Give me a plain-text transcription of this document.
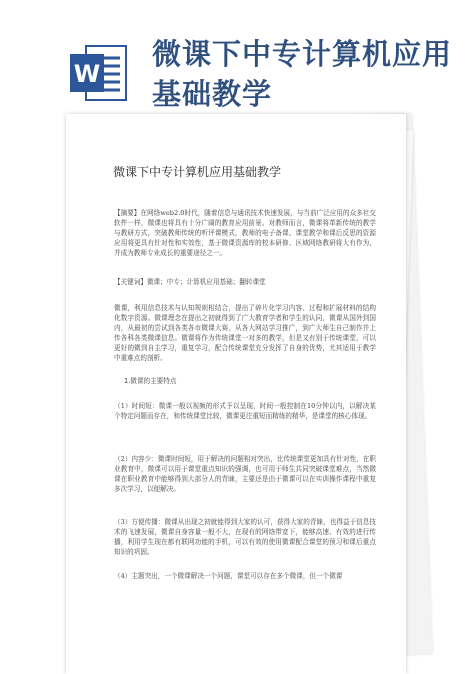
W
微课下中专计算机应用基础教学
微课下中专计算机应用基础教学
【摘要】在网络web2.0时代，随着信息与通讯技术快速发展，与当前广泛应用的众多社交软件一样，微课也将具有十分广阔的教育应用前景。对教师而言，微课将革新传统的教学与教研方式，突破教师传统的听评课模式，教师的电子备课、课堂教学和课后反思的资源应用将更具有针对性和实效性，基于微课资源库的校本研修、区域网络教研将大有作为，并成为教师专业成长的重要途径之一。
【关键词】微课；中专；计算机应用基础；翻转课堂
微课，利用信息技术与认知规则相结合，提出了碎片化学习内容、过程和扩展材料的结构化数字资源。微课理念在提出之初就得到了广大教育学者和学生的认同，微课从国外到国内，从最初的尝试到各类各市微课大赛，从各大网站学习推广，到广大师生自己制作并上传各科各类微课信息。微课将作为传统课堂一对多的教学，但是又有别于传统课堂，可以更好的微到自主学习，重复学习，配合传统课堂充分发挥了自身的优势，尤其适用于教学中重难点的剖析。
1.微课的主要特点
（1）时间短：微课一般以视频的形式予以呈现，时间一般控制在10分钟以内，以解决某个特定问题而存在，和传统课堂比较，微课更注重短而精练的精华，是课堂的核心体现。
（2）内容少：微课时间短，用于解决的问题相对突出，比传统课堂更加具有针对性，在职业教育中，微课可以用于课堂重点知识的强调，也可用于师生共同突破课堂难点，当然微课在职业教育中能够得到大部分人的青睐，主要还是由于微课可以在实训操作课程中重复多次学习，以便解决。
（3）方便传播：微课从出现之初就能得到大家的认可，获得大家的青睐，也得益于信息技术的飞速发展，微课自身容量一般不大，在现有的网络带宽下，能够高速、有效的进行传播，利用学生现在都有联网功能的手机，可以有效的使用微课配合课堂的预习和课后重点知识的巩固。
（4）主题突出，一个微课解决一个问题，课堂可以存在多个微课，但一个微课
